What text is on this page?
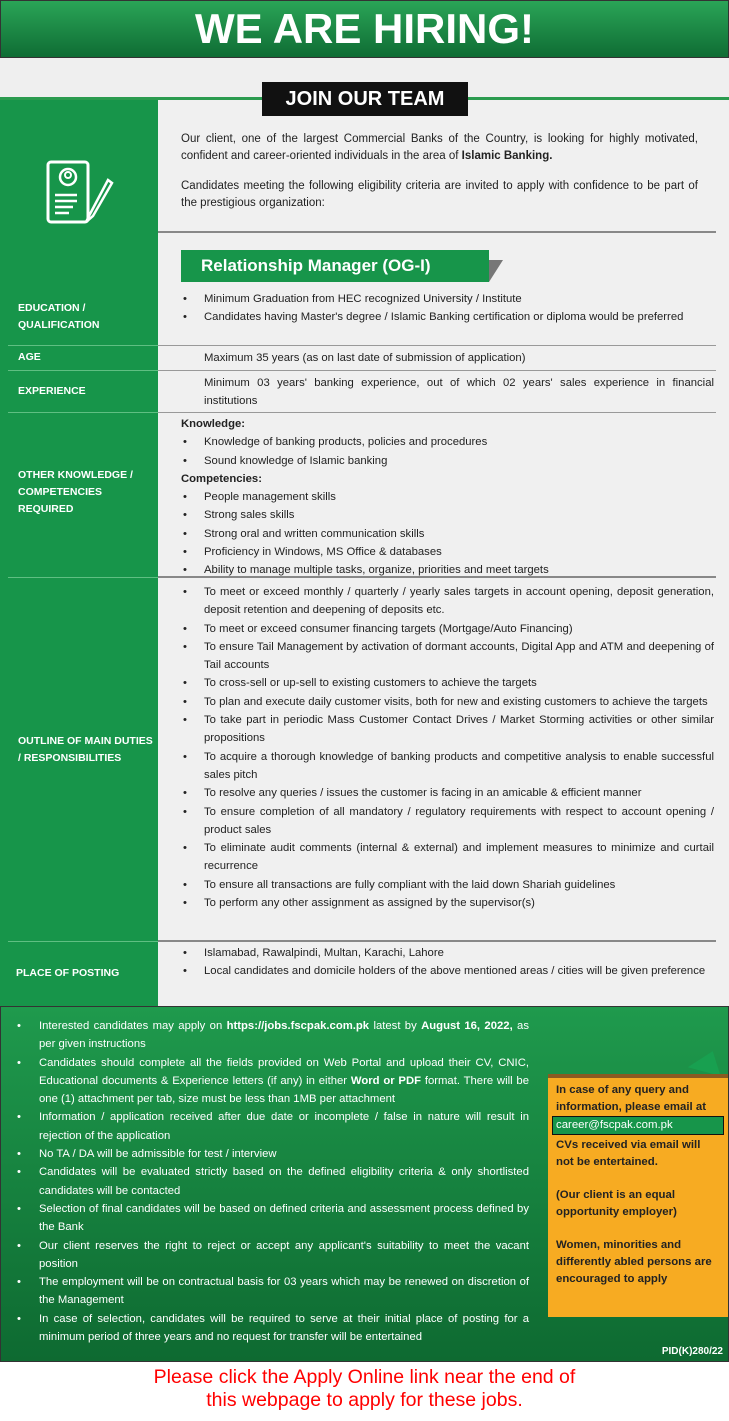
WE ARE HIRING!
JOIN OUR TEAM

Our client, one of the largest Commercial Banks of the Country, is looking for highly motivated, confident and career-oriented individuals in the area of Islamic Banking.

Candidates meeting the following eligibility criteria are invited to apply with confidence to be part of the prestigious organization:

Relationship Manager (OG-I)
EDUCATION / QUALIFICATION
• Minimum Graduation from HEC recognized University / Institute
• Candidates having Master's degree / Islamic Banking certification or diploma would be preferred
AGE	Maximum 35 years (as on last date of submission of application)
EXPERIENCE
Minimum 03 years' banking experience, out of which 02 years' sales experience in financial institutions
OTHER KNOWLEDGE / COMPETENCIES REQUIRED
Knowledge:
• Knowledge of banking products, policies and procedures
• Sound knowledge of Islamic banking
Competencies:
• People management skills
• Strong sales skills
• Strong oral and written communication skills
• Proficiency in Windows, MS Office & databases
• Ability to manage multiple tasks, organize, priorities and meet targets
OUTLINE OF MAIN DUTIES / RESPONSIBILITIES
• To meet or exceed monthly / quarterly / yearly sales targets in account opening, deposit generation, deposit retention and deepening of deposits etc.
• To meet or exceed consumer financing targets (Mortgage/Auto Financing)
• To ensure Tail Management by activation of dormant accounts, Digital App and ATM and deepening of Tail accounts
• To cross-sell or up-sell to existing customers to achieve the targets
• To plan and execute daily customer visits, both for new and existing customers to achieve the targets
• To take part in periodic Mass Customer Contact Drives / Market Storming activities or other similar propositions
• To acquire a thorough knowledge of banking products and competitive analysis to enable successful sales pitch
• To resolve any queries / issues the customer is facing in an amicable & efficient manner
• To ensure completion of all mandatory / regulatory requirements with respect to account opening / product sales
• To eliminate audit comments (internal & external) and implement measures to minimize and curtail recurrence
• To ensure all transactions are fully compliant with the laid down Shariah guidelines
• To perform any other assignment as assigned by the supervisor(s)
PLACE OF POSTING
• Islamabad, Rawalpindi, Multan, Karachi, Lahore
• Local candidates and domicile holders of the above mentioned areas / cities will be given preference
• Interested candidates may apply on https://jobs.fscpak.com.pk latest by August 16, 2022, as per given instructions
• Candidates should complete all the fields provided on Web Portal and upload their CV, CNIC, Educational documents & Experience letters (if any) in either Word or PDF format. There will be one (1) attachment per tab, size must be less than 1MB per attachment
• Information / application received after due date or incomplete / false in nature will result in rejection of the application
• No TA / DA will be admissible for test / interview
• Candidates will be evaluated strictly based on the defined eligibility criteria & only shortlisted candidates will be contacted
• Selection of final candidates will be based on defined criteria and assessment process defined by the Bank
• Our client reserves the right to reject or accept any applicant's suitability to meet the vacant position
• The employment will be on contractual basis for 03 years which may be renewed on discretion of the Management
• In case of selection, candidates will be required to serve at their initial place of posting for a minimum period of three years and no request for transfer will be entertained

In case of any query and information, please email at

career@fscpak.com.pk

CVs received via email will not be entertained.

(Our client is an equal opportunity employer)

Women, minorities and differently abled persons are encouraged to apply

PID(K)280/22
Please click the Apply Online link near the end of
this webpage to apply for these jobs.
